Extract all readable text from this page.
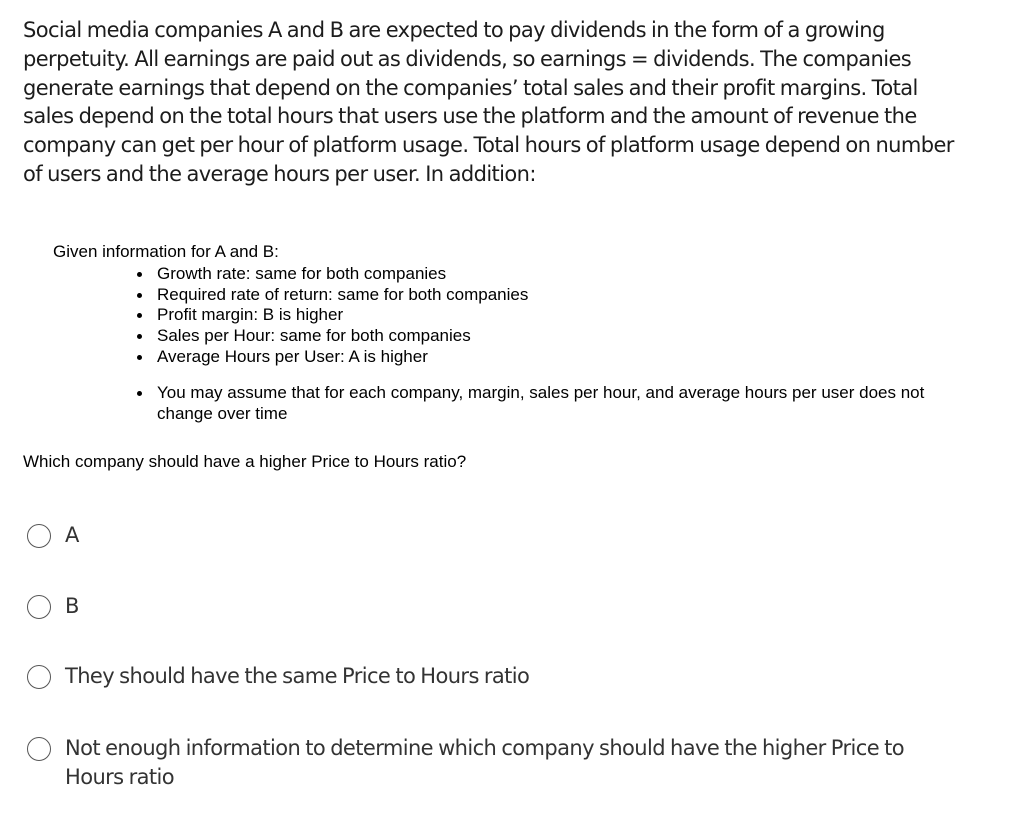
Social media companies A and B are expected to pay dividends in the form of a growing perpetuity. All earnings are paid out as dividends, so earnings = dividends. The companies generate earnings that depend on the companies’ total sales and their profit margins. Total sales depend on the total hours that users use the platform and the amount of revenue the company can get per hour of platform usage. Total hours of platform usage depend on number of users and the average hours per user. In addition:

Given information for A and B:

Growth rate: same for both companies
Required rate of return: same for both companies
Profit margin: B is higher
Sales per Hour: same for both companies
Average Hours per User: A is higher
You may assume that for each company, margin, sales per hour, and average hours per user does not change over time

Which company should have a higher Price to Hours ratio?

A
B
They should have the same Price to Hours ratio
Not enough information to determine which company should have the higher Price to Hours ratio
